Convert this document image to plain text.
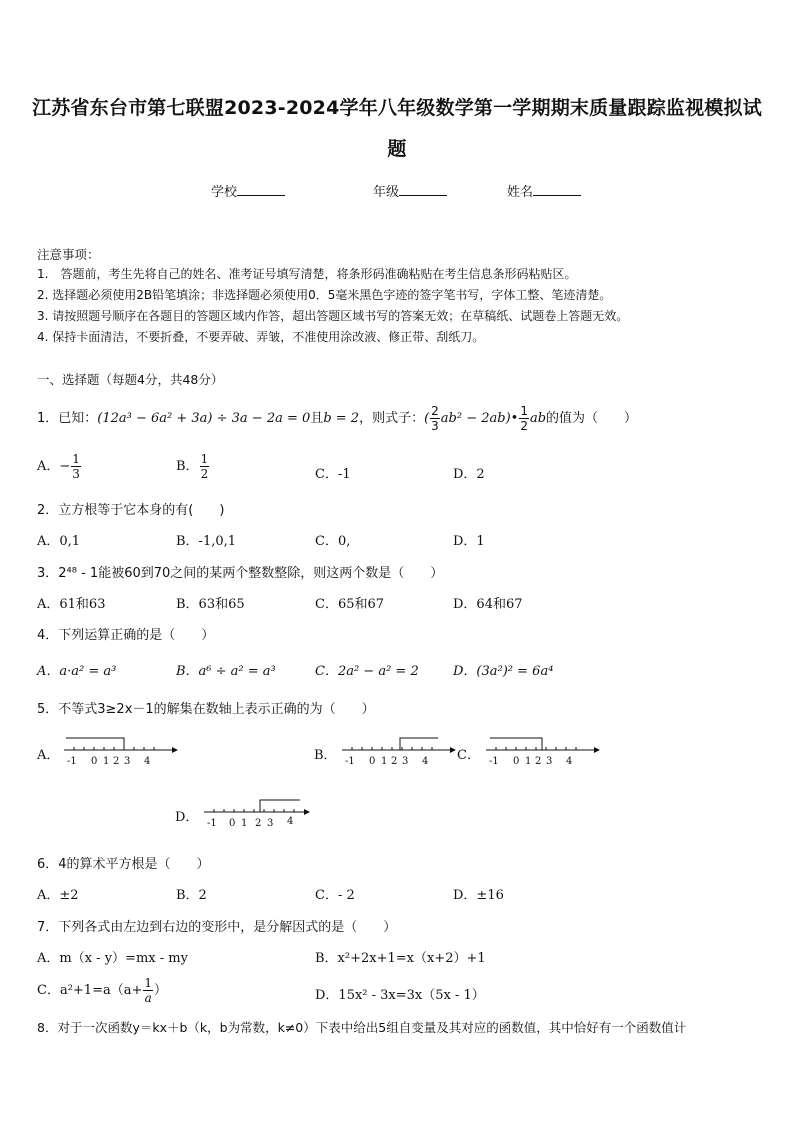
江苏省东台市第七联盟2023-2024学年八年级数学第一学期期末质量跟踪监视模拟试题
学校	年级	姓名
注意事项：
1.　答题前，考生先将自己的姓名、准考证号填写清楚，将条形码准确粘贴在考生信息条形码粘贴区。
2. 选择题必须使用2B铅笔填涂；非选择题必须使用0．5毫米黑色字迹的签字笔书写，字体工整、笔迹清楚。
3. 请按照题号顺序在各题目的答题区域内作答，超出答题区域书写的答案无效；在草稿纸、试题卷上答题无效。
4. 保持卡面清洁，不要折叠，不要弄破、弄皱，不准使用涂改液、修正带、刮纸刀。
一、选择题（每题4分，共48分）
1．已知：(12a³ − 6a² + 3a) ÷ 3a − 2a = 0且b = 2，则式子：( $\frac{2}{3} ab^2$ − 2ab)• $\frac{1}{2}$ ab的值为（　　）
A．− $\frac{1}{3}$	B． $\frac{1}{2}$	C．-1	D．2
2．立方根等于它本身的有(　　)
A．0,1	B．-1,0,1	C．0,	D．1
3．2⁴⁸ - 1能被60到70之间的某两个整数整除，则这两个数是（　　）
A．61和63	B．63和65	C．65和67	D．64和67
4．下列运算正确的是（　　）
A．a·a² = a³	B．a⁶ ÷ a² = a³	C．2a² − a² = 2	D．(3a²)² = 6a⁴
5．不等式3≥2x－1的解集在数轴上表示正确的为（　　）
A．	B．	C．
D．
-1 0 1 2 3 4	-1 0 1 2 3 4	-1 0 1 2 3 4
-1 0 1 2 3 4
6．4的算术平方根是（　　）
A．±2	B．2	C．- 2	D．±16
7．下列各式由左边到右边的变形中，是分解因式的是（　　）
A．m（x - y）=mx - my	B．x²+2x+1=x（x+2）+1
C．$a^2+1=a(a+ \frac{1}{a}$ ）	D．15x² - 3x=3x（5x - 1）
8．对于一次函数y＝kx＋b（k，b为常数，k≠0）下表中给出5组自变量及其对应的函数值，其中恰好有一个函数值计
